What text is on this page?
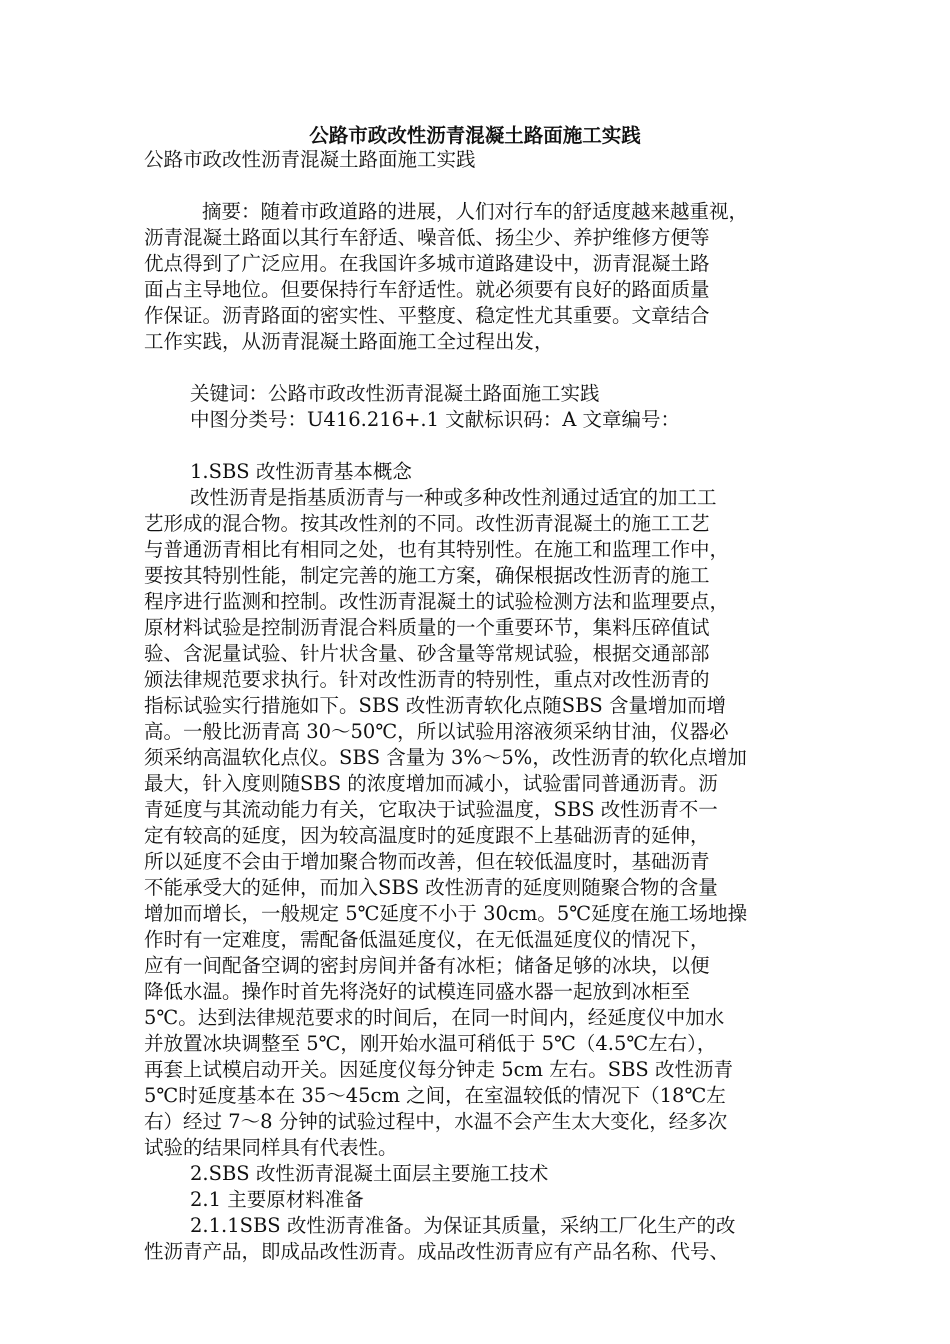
公路市政改性沥青混凝土路面施工实践
公路市政改性沥青混凝土路面施工实践
摘要：随着市政道路的进展，人们对行车的舒适度越来越重视，
沥青混凝土路面以其行车舒适、噪音低、扬尘少、养护维修方便等
优点得到了广泛应用。在我国许多城市道路建设中，沥青混凝土路
面占主导地位。但要保持行车舒适性。就必须要有良好的路面质量
作保证。沥青路面的密实性、平整度、稳定性尤其重要。文章结合
工作实践，从沥青混凝土路面施工全过程出发，
关键词：公路市政改性沥青混凝土路面施工实践
中图分类号：U416.216+.1 文献标识码：A 文章编号：
1.SBS 改性沥青基本概念
改性沥青是指基质沥青与一种或多种改性剂通过适宜的加工工
艺形成的混合物。按其改性剂的不同。改性沥青混凝土的施工工艺
与普通沥青相比有相同之处，也有其特别性。在施工和监理工作中，
要按其特别性能，制定完善的施工方案，确保根据改性沥青的施工
程序进行监测和控制。改性沥青混凝土的试验检测方法和监理要点，
原材料试验是控制沥青混合料质量的一个重要环节，集料压碎值试
验、含泥量试验、针片状含量、砂含量等常规试验，根据交通部部
颁法律规范要求执行。针对改性沥青的特别性，重点对改性沥青的
指标试验实行措施如下。SBS 改性沥青软化点随SBS 含量增加而增
高。一般比沥青高 30～50℃，所以试验用溶液须采纳甘油，仪器必
须采纳高温软化点仪。SBS 含量为 3%～5%，改性沥青的软化点增加
最大，针入度则随SBS 的浓度增加而减小，试验雷同普通沥青。沥
青延度与其流动能力有关，它取决于试验温度，SBS 改性沥青不一
定有较高的延度，因为较高温度时的延度跟不上基础沥青的延伸，
所以延度不会由于增加聚合物而改善，但在较低温度时，基础沥青
不能承受大的延伸，而加入SBS 改性沥青的延度则随聚合物的含量
增加而增长，一般规定 5℃延度不小于 30cm。5℃延度在施工场地操
作时有一定难度，需配备低温延度仪，在无低温延度仪的情况下，
应有一间配备空调的密封房间并备有冰柜；储备足够的冰块，以便
降低水温。操作时首先将浇好的试模连同盛水器一起放到冰柜至
5℃。达到法律规范要求的时间后，在同一时间内，经延度仪中加水
并放置冰块调整至 5℃，刚开始水温可稍低于 5℃（4.5℃左右），
再套上试模启动开关。因延度仪每分钟走 5cm 左右。SBS 改性沥青
5℃时延度基本在 35～45cm 之间，在室温较低的情况下（18℃左
右）经过 7～8 分钟的试验过程中，水温不会产生太大变化，经多次
试验的结果同样具有代表性。
2.SBS 改性沥青混凝土面层主要施工技术
2.1 主要原材料准备
2.1.1SBS 改性沥青准备。为保证其质量，采纳工厂化生产的改
性沥青产品，即成品改性沥青。成品改性沥青应有产品名称、代号、
